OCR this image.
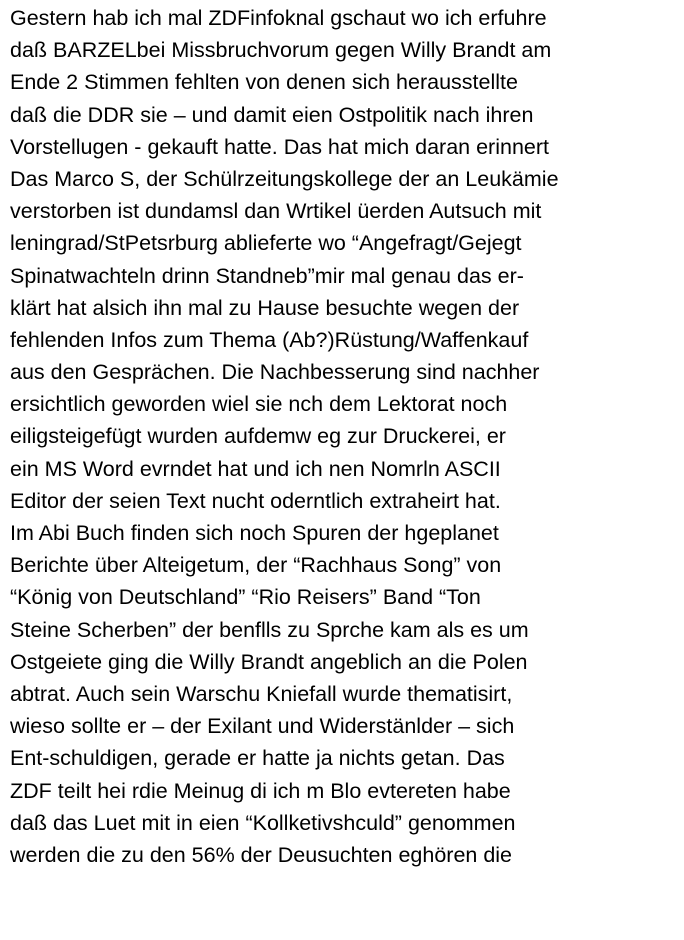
Gestern hab ich mal ZDFinfoknal gschaut wo ich erfuhre
daß BARZELbei Missbruchvorum gegen Willy Brandt am
Ende 2 Stimmen fehlten von denen sich herausstellte
daß die DDR sie – und damit eien Ostpolitik nach ihren
Vorstellugen - gekauft hatte. Das hat mich daran erinnert
Das Marco S, der Schülrzeitungskollege der an Leukämie
verstorben ist dundamsl dan Wrtikel üerden Autsuch mit
leningrad/StPetsrburg ablieferte wo “Angefragt/Gejegt
Spinatwachteln drinn Standneb”mir mal genau das er-
klärt hat alsich ihn mal zu Hause besuchte wegen der
fehlenden Infos zum Thema (Ab?)Rüstung/Waffenkauf
aus den Gesprächen. Die Nachbesserung sind nachher
ersichtlich geworden wiel sie nch dem Lektorat noch
eiligsteigefügt wurden aufdemw eg zur Druckerei, er
ein MS Word evrndet hat und ich nen Nomrln ASCII
Editor der seien Text nucht oderntlich extraheirt hat.
Im Abi Buch finden sich noch Spuren der hgeplanet
Berichte über Alteigetum, der “Rachhaus Song” von
“König von Deutschland” “Rio Reisers” Band “Ton
Steine Scherben” der benflls zu Sprche kam als es um
Ostgeiete ging die Willy Brandt angeblich an die Polen
abtrat. Auch sein Warschu Kniefall wurde thematisirt,
wieso sollte er – der Exilant und Widerstänlder – sich
Ent-schuldigen, gerade er hatte ja nichts getan. Das
ZDF teilt hei rdie Meinug di ich m Blo evtereten habe
daß das Luet mit in eien “Kollketivshculd” genommen
werden die zu den 56% der Deusuchten eghören die
